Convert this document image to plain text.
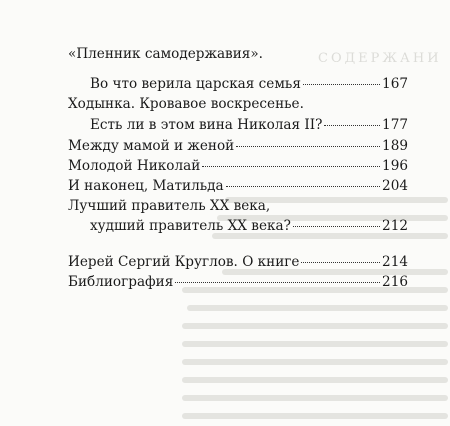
СОДЕРЖАНИ
«Пленник самодержавия».
Во что верила царская семья	167
Ходынка. Кровавое воскресенье.
Есть ли в этом вина Николая II?	177
Между мамой и женой	189
Молодой Николай	196
И наконец, Матильда	204
Лучший правитель XX века,
худший правитель XX века?	212
Иерей Сергий Круглов. О книге	214
Библиография	216
